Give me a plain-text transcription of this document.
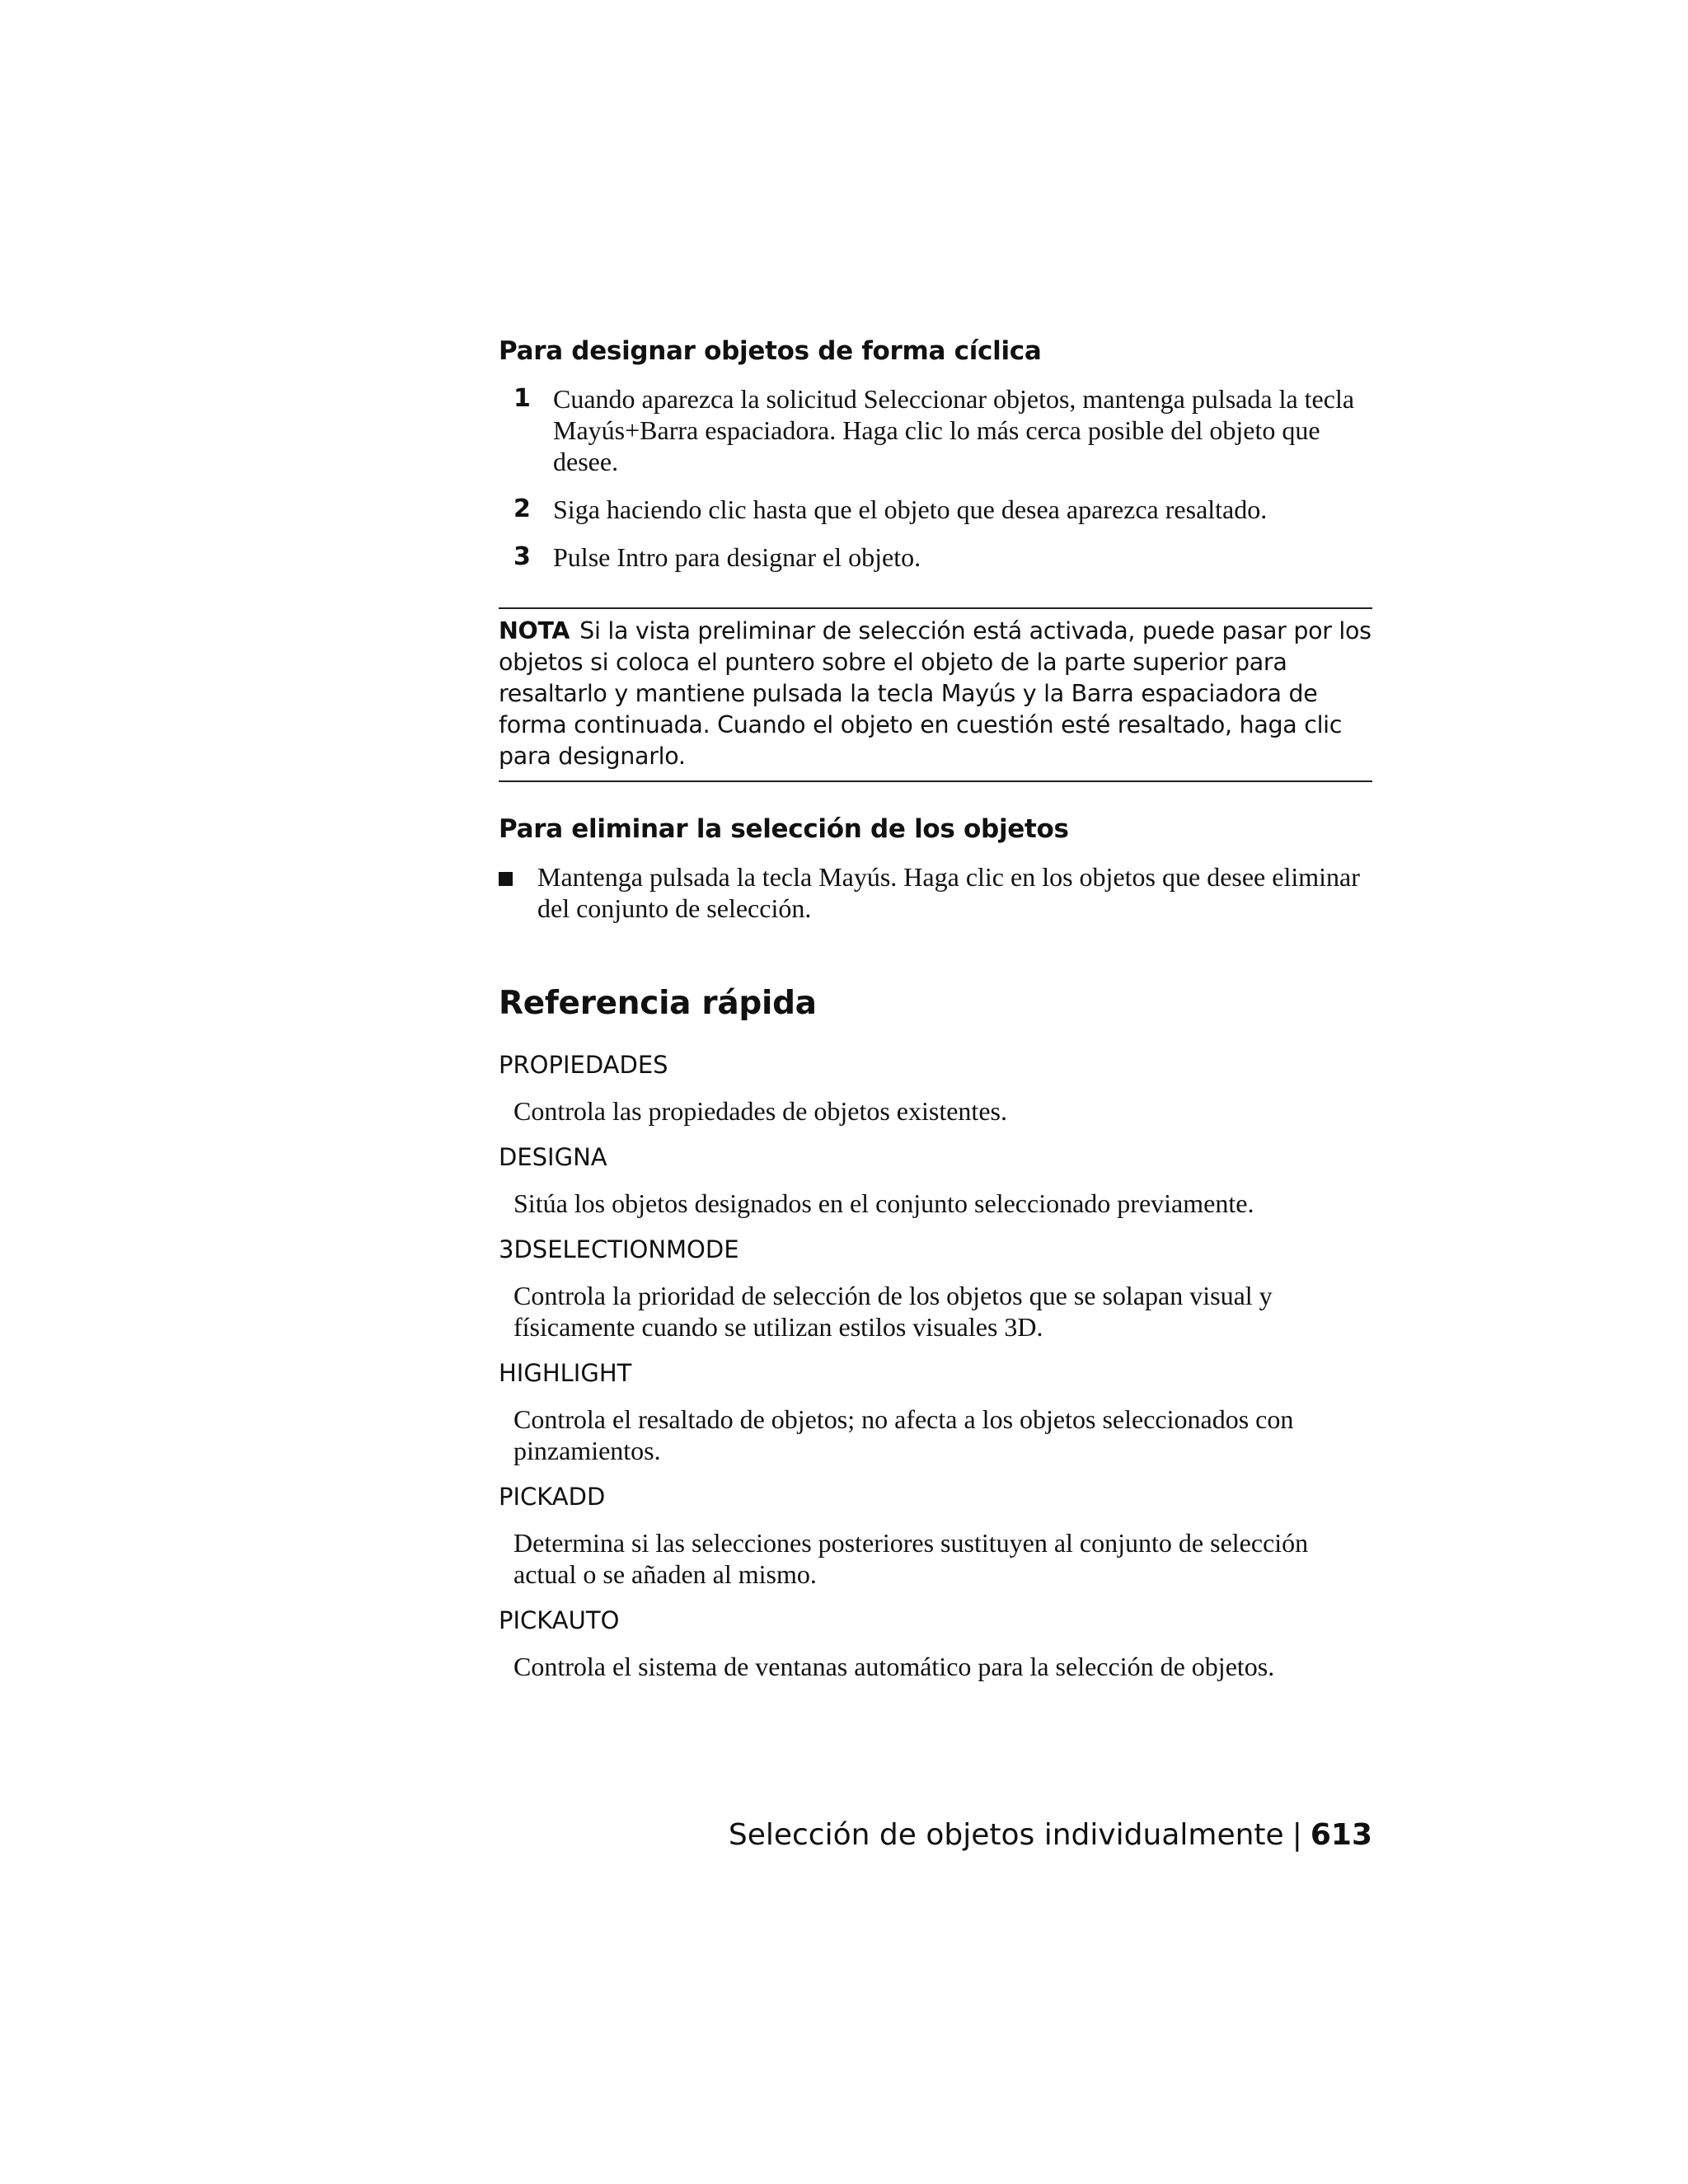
Para designar objetos de forma cíclica
1 Cuando aparezca la solicitud Seleccionar objetos, mantenga pulsada la tecla Mayús+Barra espaciadora. Haga clic lo más cerca posible del objeto que desee.
2 Siga haciendo clic hasta que el objeto que desea aparezca resaltado.
3 Pulse Intro para designar el objeto.
NOTA Si la vista preliminar de selección está activada, puede pasar por los objetos si coloca el puntero sobre el objeto de la parte superior para resaltarlo y mantiene pulsada la tecla Mayús y la Barra espaciadora de forma continuada. Cuando el objeto en cuestión esté resaltado, haga clic para designarlo.
Para eliminar la selección de los objetos
Mantenga pulsada la tecla Mayús. Haga clic en los objetos que desee eliminar del conjunto de selección.
Referencia rápida
PROPIEDADES
Controla las propiedades de objetos existentes.
DESIGNA
Sitúa los objetos designados en el conjunto seleccionado previamente.
3DSELECTIONMODE
Controla la prioridad de selección de los objetos que se solapan visual y físicamente cuando se utilizan estilos visuales 3D.
HIGHLIGHT
Controla el resaltado de objetos; no afecta a los objetos seleccionados con pinzamientos.
PICKADD
Determina si las selecciones posteriores sustituyen al conjunto de selección actual o se añaden al mismo.
PICKAUTO
Controla el sistema de ventanas automático para la selección de objetos.
Selección de objetos individualmente | 613
